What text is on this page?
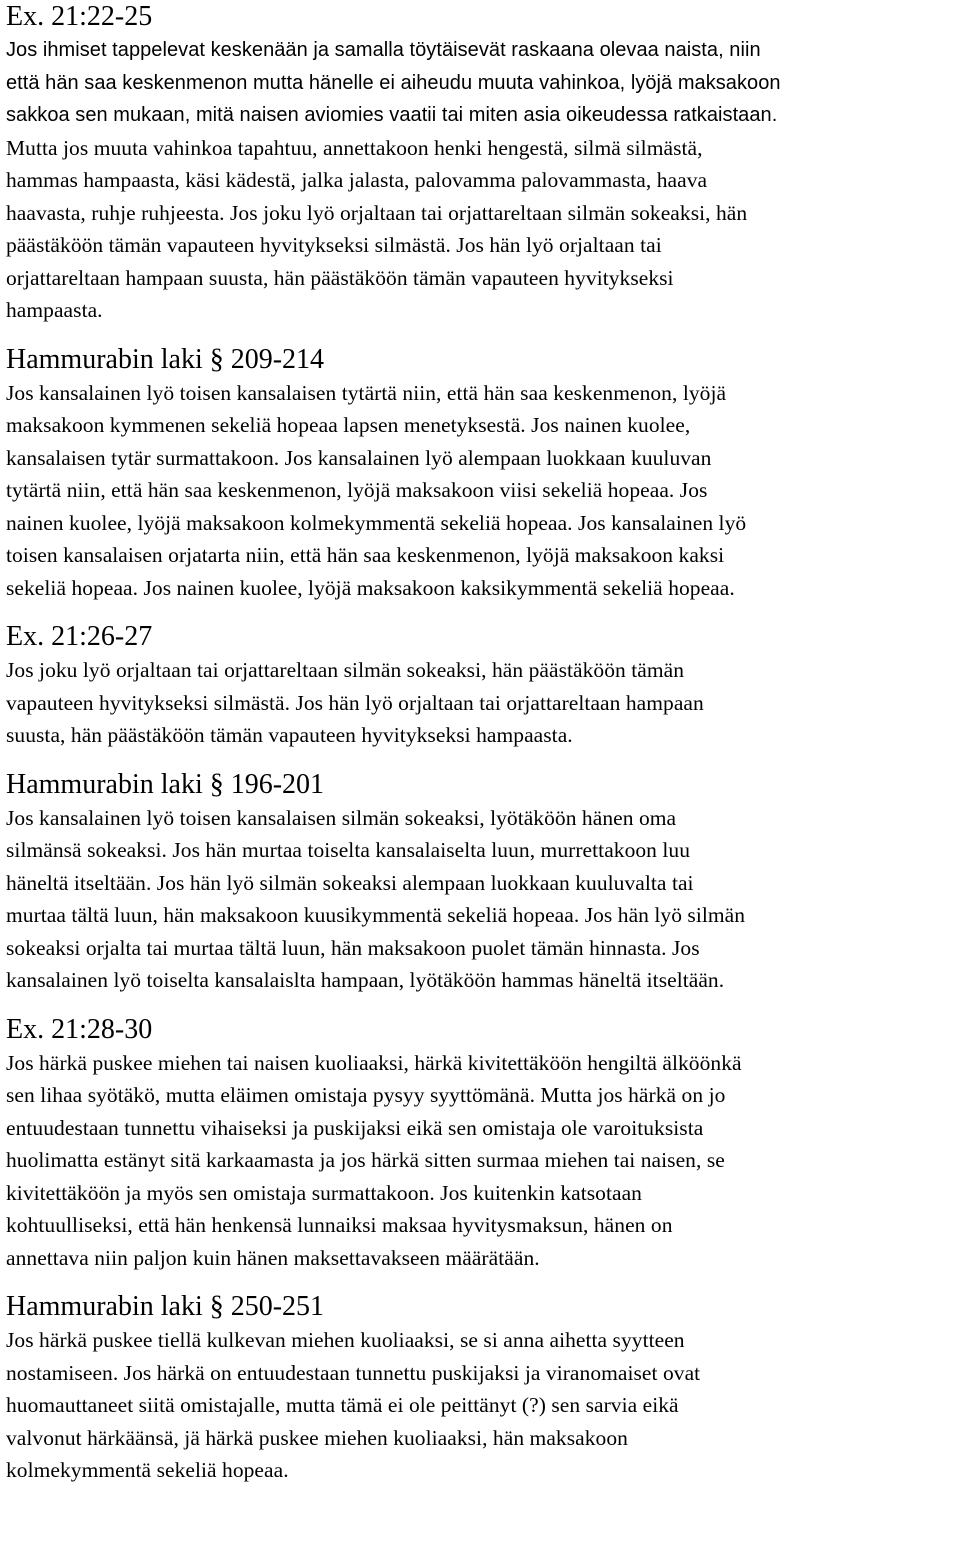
Ex. 21:22-25
Jos ihmiset tappelevat keskenään ja samalla töytäisevät raskaana olevaa naista, niin
että hän saa keskenmenon mutta hänelle ei aiheudu muuta vahinkoa, lyöjä maksakoon
sakkoa sen mukaan, mitä naisen aviomies vaatii tai miten asia oikeudessa ratkaistaan.
Mutta jos muuta vahinkoa tapahtuu, annettakoon henki hengestä, silmä silmästä,
hammas hampaasta, käsi kädestä, jalka jalasta, palovamma palovammasta, haava
haavasta, ruhje ruhjeesta. Jos joku lyö orjaltaan tai orjattareltaan silmän sokeaksi, hän
päästäköön tämän vapauteen hyvitykseksi silmästä. Jos hän lyö orjaltaan tai
orjattareltaan hampaan suusta, hän päästäköön tämän vapauteen hyvitykseksi
hampaasta.
Hammurabin laki § 209-214
Jos kansalainen lyö toisen kansalaisen tytärtä niin, että hän saa keskenmenon, lyöjä
maksakoon kymmenen sekeliä hopeaa lapsen menetyksestä. Jos nainen kuolee,
kansalaisen tytär surmattakoon. Jos kansalainen lyö alempaan luokkaan kuuluvan
tytärtä niin, että hän saa keskenmenon, lyöjä maksakoon viisi sekeliä hopeaa. Jos
nainen kuolee, lyöjä maksakoon kolmekymmentä sekeliä hopeaa. Jos kansalainen lyö
toisen kansalaisen orjatarta niin, että hän saa keskenmenon, lyöjä maksakoon kaksi
sekeliä hopeaa. Jos nainen kuolee, lyöjä maksakoon kaksikymmentä sekeliä hopeaa.
Ex. 21:26-27
Jos joku lyö orjaltaan tai orjattareltaan silmän sokeaksi, hän päästäköön tämän
vapauteen hyvitykseksi silmästä. Jos hän lyö orjaltaan tai orjattareltaan hampaan
suusta, hän päästäköön tämän vapauteen hyvitykseksi hampaasta.
Hammurabin laki § 196-201
Jos kansalainen lyö toisen kansalaisen silmän sokeaksi, lyötäköön hänen oma
silmänsä sokeaksi. Jos hän murtaa toiselta kansalaiselta luun, murrettakoon luu
häneltä itseltään. Jos hän lyö silmän sokeaksi alempaan luokkaan kuuluvalta tai
murtaa tältä luun, hän maksakoon kuusikymmentä sekeliä hopeaa. Jos hän lyö silmän
sokeaksi orjalta tai murtaa tältä luun, hän maksakoon puolet tämän hinnasta. Jos
kansalainen lyö toiselta kansalaislta hampaan, lyötäköön hammas häneltä itseltään.
Ex. 21:28-30
Jos härkä puskee miehen tai naisen kuoliaaksi, härkä kivitettäköön hengiltä älköönkä
sen lihaa syötäkö, mutta eläimen omistaja pysyy syyttömänä. Mutta jos härkä on jo
entuudestaan tunnettu vihaiseksi ja puskijaksi eikä sen omistaja ole varoituksista
huolimatta estänyt sitä karkaamasta ja jos härkä sitten surmaa miehen tai naisen, se
kivitettäköön ja myös sen omistaja surmattakoon. Jos kuitenkin katsotaan
kohtuulliseksi, että hän henkensä lunnaiksi maksaa hyvitysmaksun, hänen on
annettava niin paljon kuin hänen maksettavakseen määrätään.
Hammurabin laki § 250-251
Jos härkä puskee tiellä kulkevan miehen kuoliaaksi, se si anna aihetta syytteen
nostamiseen. Jos härkä on entuudestaan tunnettu puskijaksi ja viranomaiset ovat
huomauttaneet siitä omistajalle, mutta tämä ei ole peittänyt (?) sen sarvia eikä
valvonut härkäänsä, jä härkä puskee miehen kuoliaaksi, hän maksakoon
kolmekymmentä sekeliä hopeaa.
